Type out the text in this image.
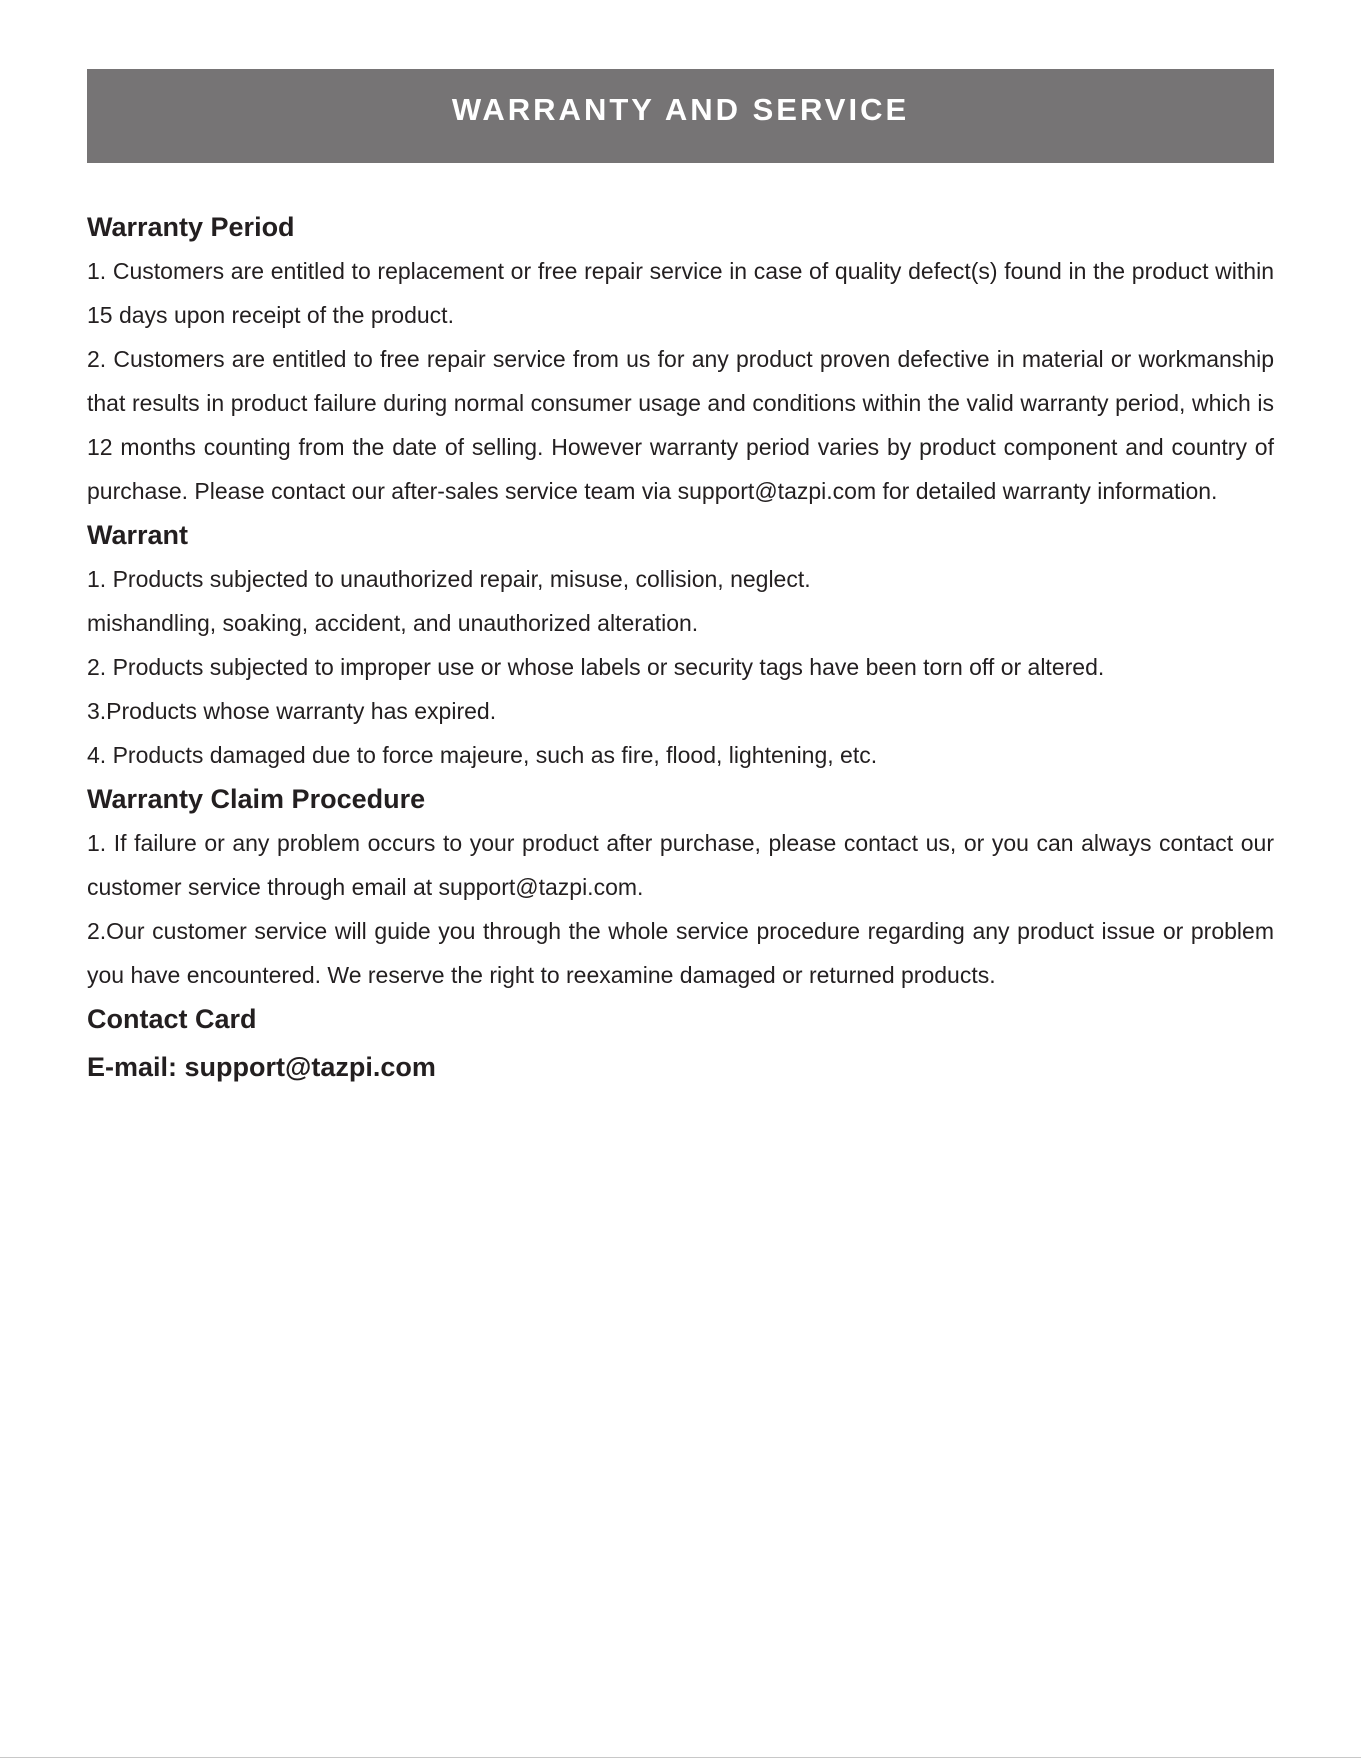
WARRANTY AND SERVICE
Warranty Period

1. Customers are entitled to replacement or free repair service in case of quality defect(s) found in the product within 15 days upon receipt of the product.

2. Customers are entitled to free repair service from us for any product proven defective in material or workmanship that results in product failure during normal consumer usage and conditions within the valid warranty period, which is 12 months counting from the date of selling. However warranty period varies by product component and country of purchase. Please contact our after-sales service team via support@tazpi.com for detailed warranty information.

Warrant

1. Products subjected to unauthorized repair, misuse, collision, neglect.

mishandling, soaking, accident, and unauthorized alteration.

2. Products subjected to improper use or whose labels or security tags have been torn off or altered.

3.Products whose warranty has expired.

4. Products damaged due to force majeure, such as fire, flood, lightening, etc.

Warranty Claim Procedure

1. If failure or any problem occurs to your product after purchase, please contact us, or you can always contact our customer service through email at support@tazpi.com.

2.Our customer service will guide you through the whole service procedure regarding any product issue or problem you have encountered. We reserve the right to reexamine damaged or returned products.

Contact Card

E-mail: support@tazpi.com
